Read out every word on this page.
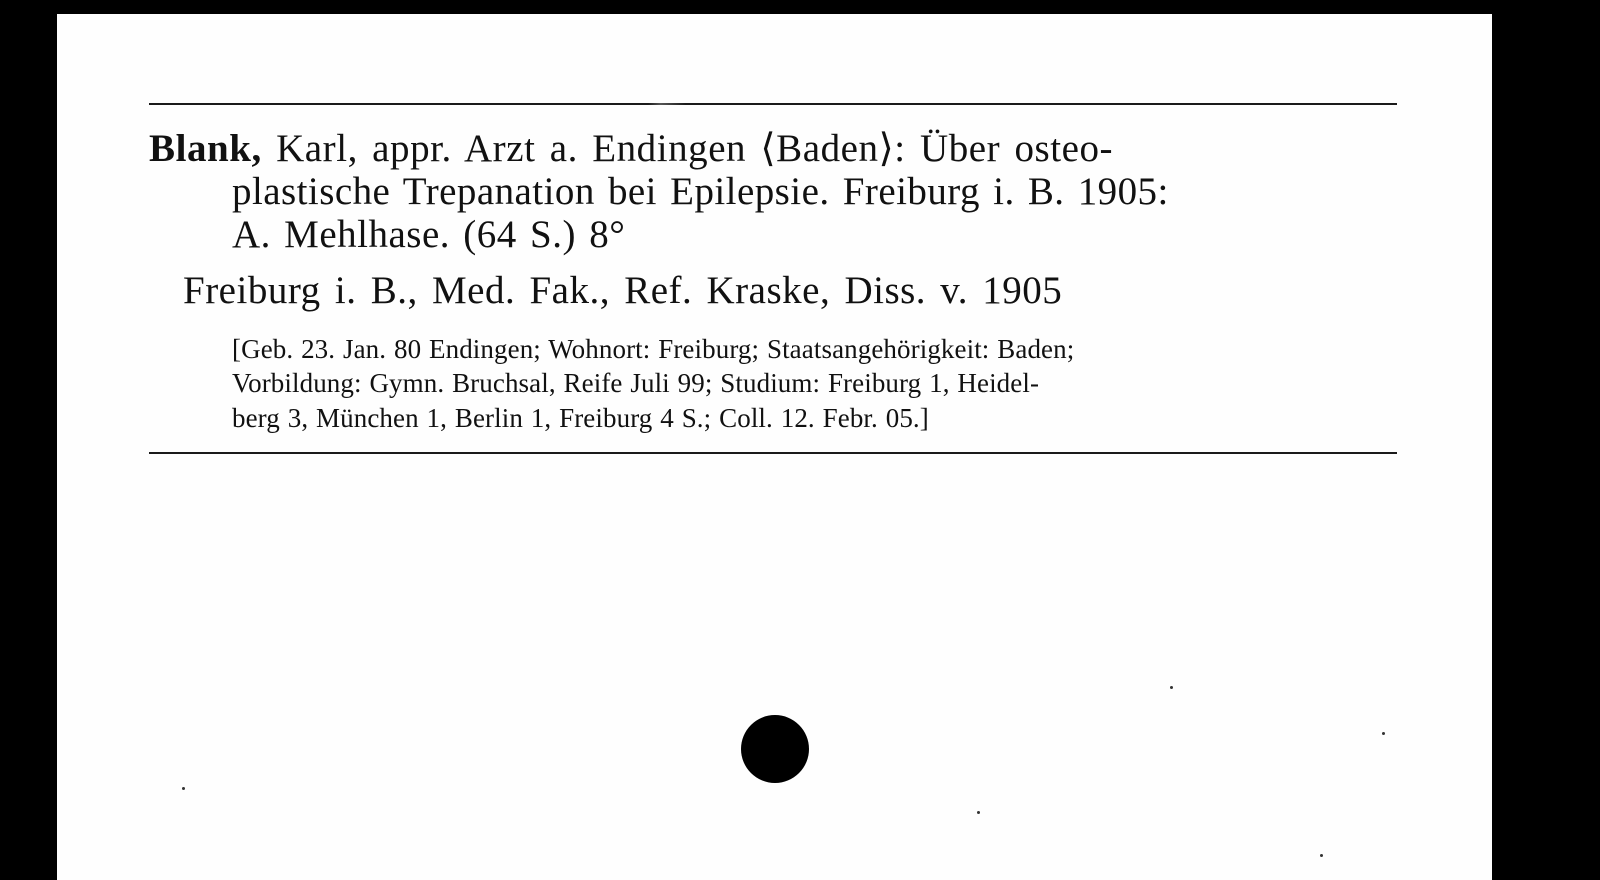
Blank, Karl, appr. Arzt a. Endingen ⟨Baden⟩: Über osteo-
plastische Trepanation bei Epilepsie. Freiburg i. B. 1905:
A. Mehlhase. (64 S.) 8°
Freiburg i. B., Med. Fak., Ref. Kraske, Diss. v. 1905
[Geb. 23. Jan. 80 Endingen; Wohnort: Freiburg; Staatsangehörigkeit: Baden;
Vorbildung: Gymn. Bruchsal, Reife Juli 99; Studium: Freiburg 1, Heidel-
berg 3, München 1, Berlin 1, Freiburg 4 S.; Coll. 12. Febr. 05.]
